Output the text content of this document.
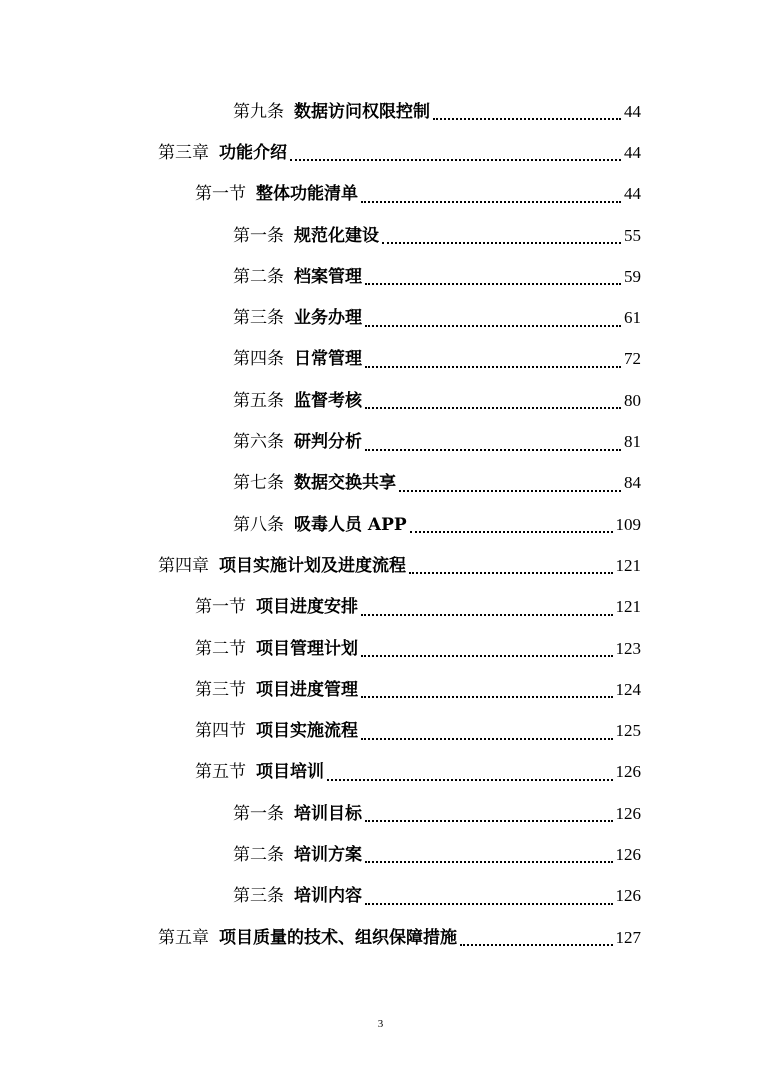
第九条 数据访问权限控制	44
第三章 功能介绍	44
第一节 整体功能清单	44
第一条 规范化建设	55
第二条 档案管理	59
第三条 业务办理	61
第四条 日常管理	72
第五条 监督考核	80
第六条 研判分析	81
第七条 数据交换共享	84
第八条 吸毒人员 APP	109
第四章 项目实施计划及进度流程	121
第一节 项目进度安排	121
第二节 项目管理计划	123
第三节 项目进度管理	124
第四节 项目实施流程	125
第五节 项目培训	126
第一条 培训目标	126
第二条 培训方案	126
第三条 培训内容	126
第五章 项目质量的技术、组织保障措施	127
3
